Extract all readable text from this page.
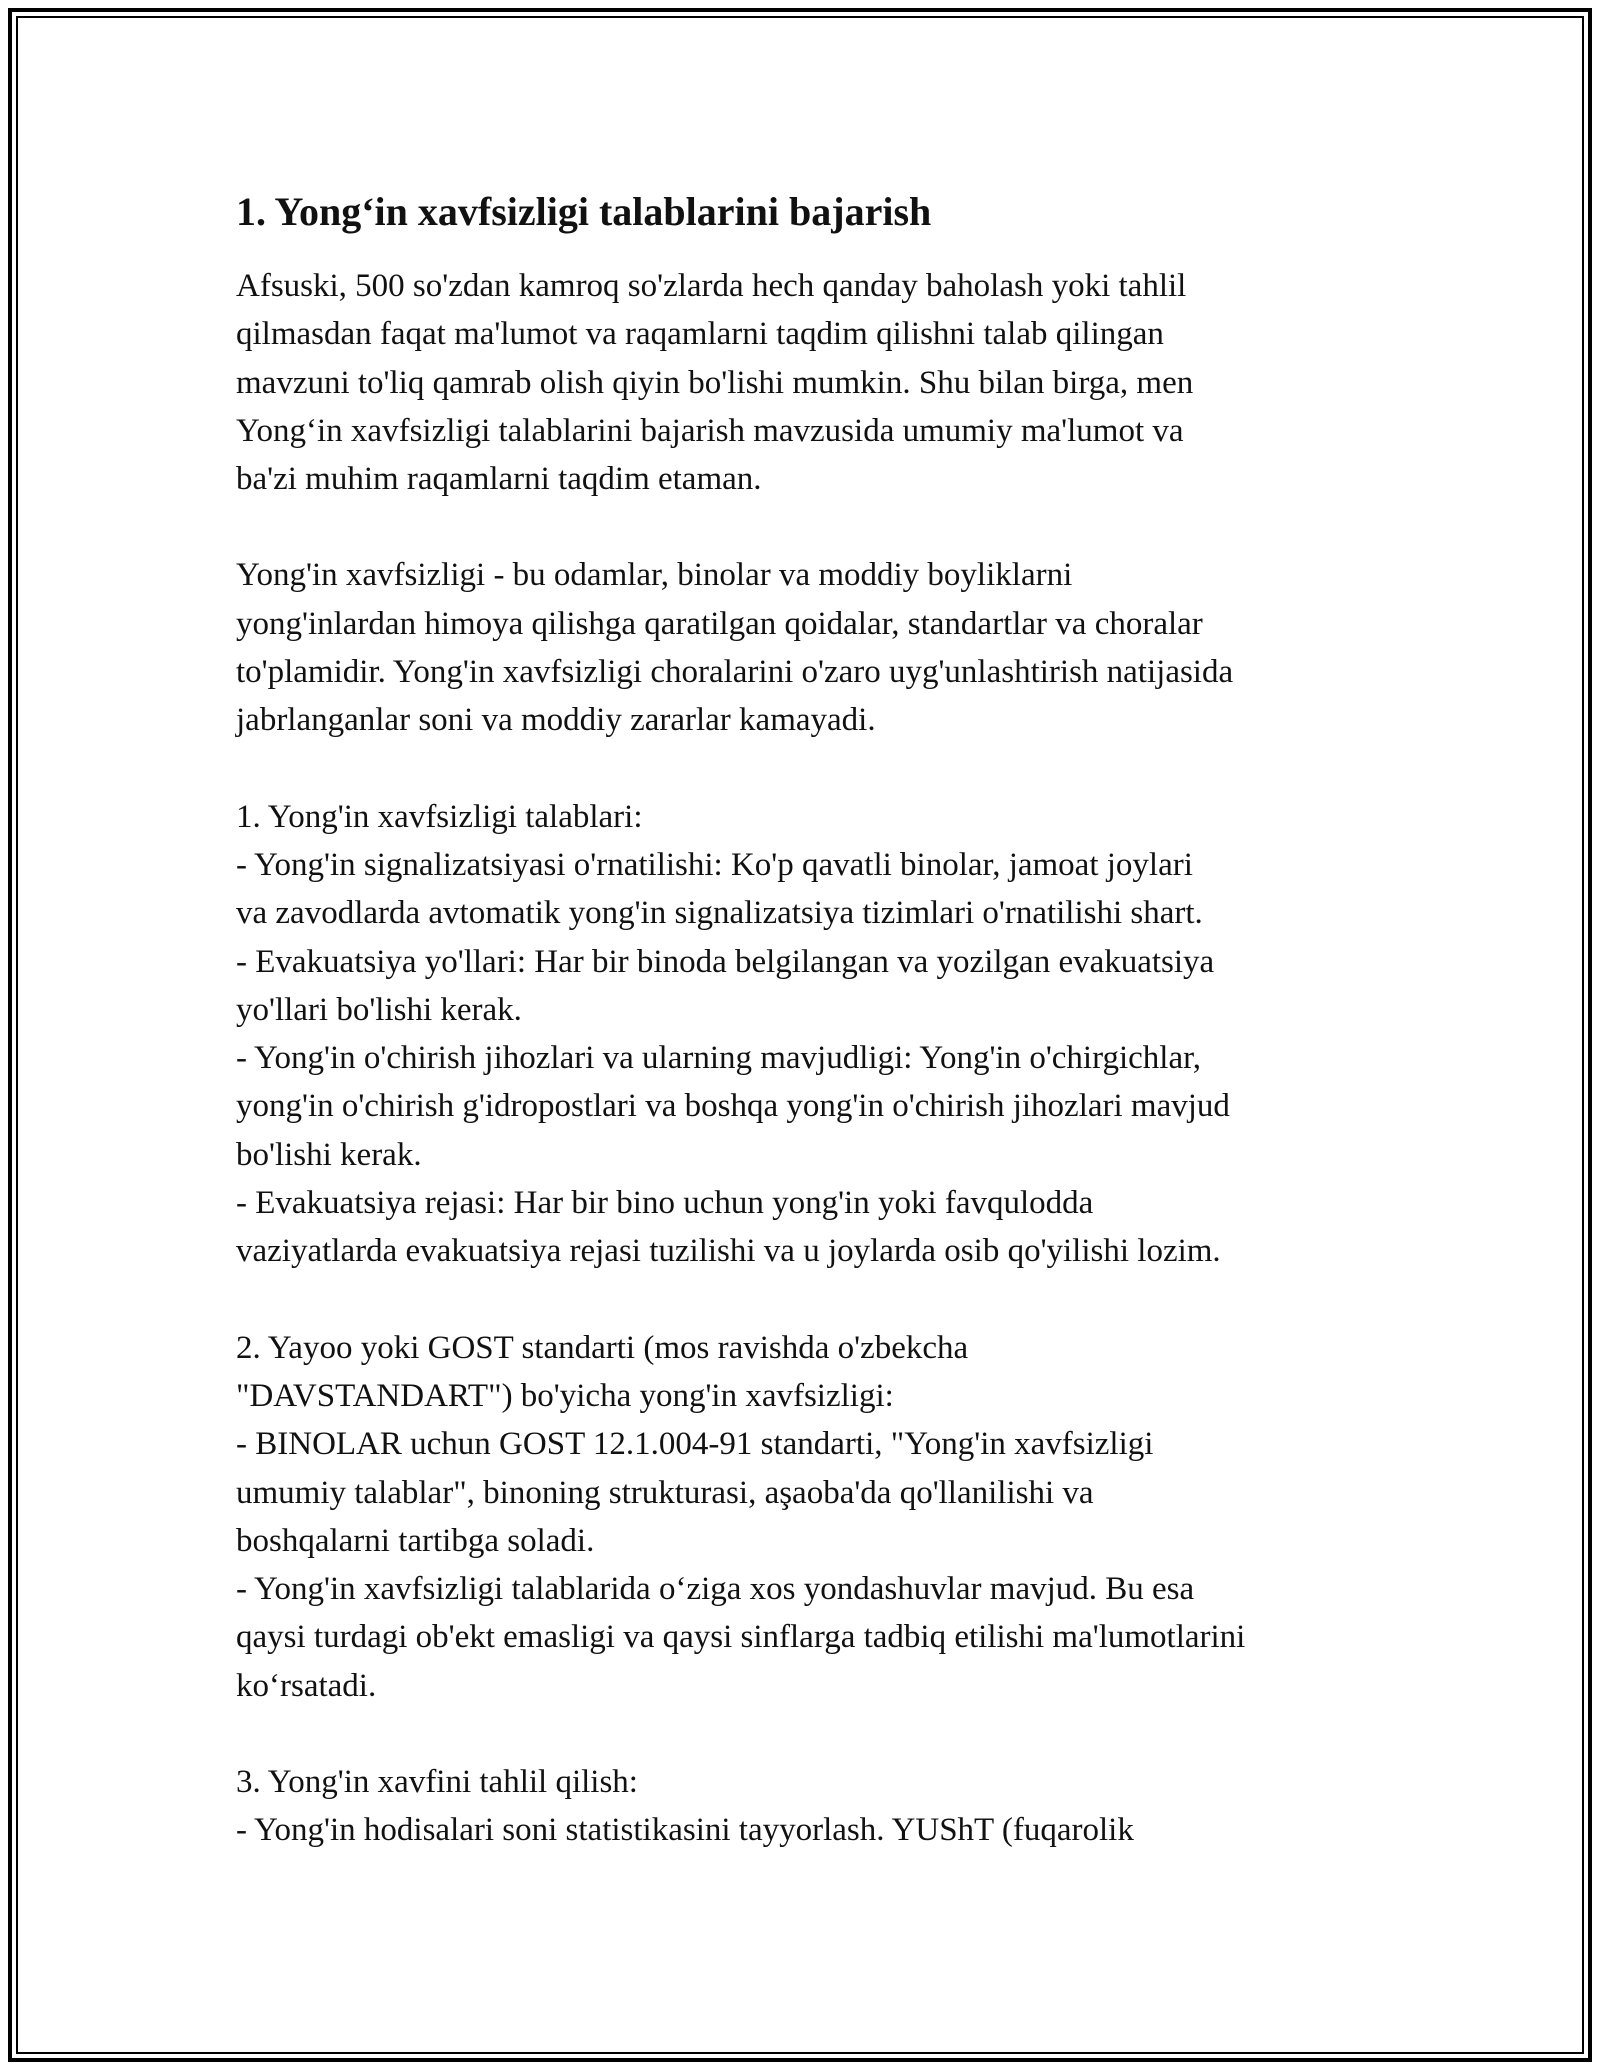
1. Yong‘in xavfsizligi talablarini bajarish

Afsuski, 500 so'zdan kamroq so'zlarda hech qanday baholash yoki tahlil
qilmasdan faqat ma'lumot va raqamlarni taqdim qilishni talab qilingan
mavzuni to'liq qamrab olish qiyin bo'lishi mumkin. Shu bilan birga, men
Yong‘in xavfsizligi talablarini bajarish mavzusida umumiy ma'lumot va
ba'zi muhim raqamlarni taqdim etaman.

Yong'in xavfsizligi - bu odamlar, binolar va moddiy boyliklarni
yong'inlardan himoya qilishga qaratilgan qoidalar, standartlar va choralar
to'plamidir. Yong'in xavfsizligi choralarini o'zaro uyg'unlashtirish natijasida
jabrlanganlar soni va moddiy zararlar kamayadi.

1. Yong'in xavfsizligi talablari:
- Yong'in signalizatsiyasi o'rnatilishi: Ko'p qavatli binolar, jamoat joylari
va zavodlarda avtomatik yong'in signalizatsiya tizimlari o'rnatilishi shart.
- Evakuatsiya yo'llari: Har bir binoda belgilangan va yozilgan evakuatsiya
yo'llari bo'lishi kerak.
- Yong'in o'chirish jihozlari va ularning mavjudligi: Yong'in o'chirgichlar,
yong'in o'chirish g'idropostlari va boshqa yong'in o'chirish jihozlari mavjud
bo'lishi kerak.
- Evakuatsiya rejasi: Har bir bino uchun yong'in yoki favqulodda
vaziyatlarda evakuatsiya rejasi tuzilishi va u joylarda osib qo'yilishi lozim.

2. Yayoo yoki GOST standarti (mos ravishda o'zbekcha
"DAVSTANDART") bo'yicha yong'in xavfsizligi:
- BINOLAR uchun GOST 12.1.004-91 standarti, "Yong'in xavfsizligi
umumiy talablar", binoning strukturasi, aşaoba'da qo'llanilishi va
boshqalarni tartibga soladi.
- Yong'in xavfsizligi talablarida o‘ziga xos yondashuvlar mavjud. Bu esa
qaysi turdagi ob'ekt emasligi va qaysi sinflarga tadbiq etilishi ma'lumotlarini
ko‘rsatadi.

3. Yong'in xavfini tahlil qilish:
- Yong'in hodisalari soni statistikasini tayyorlash. YUShT (fuqarolik
